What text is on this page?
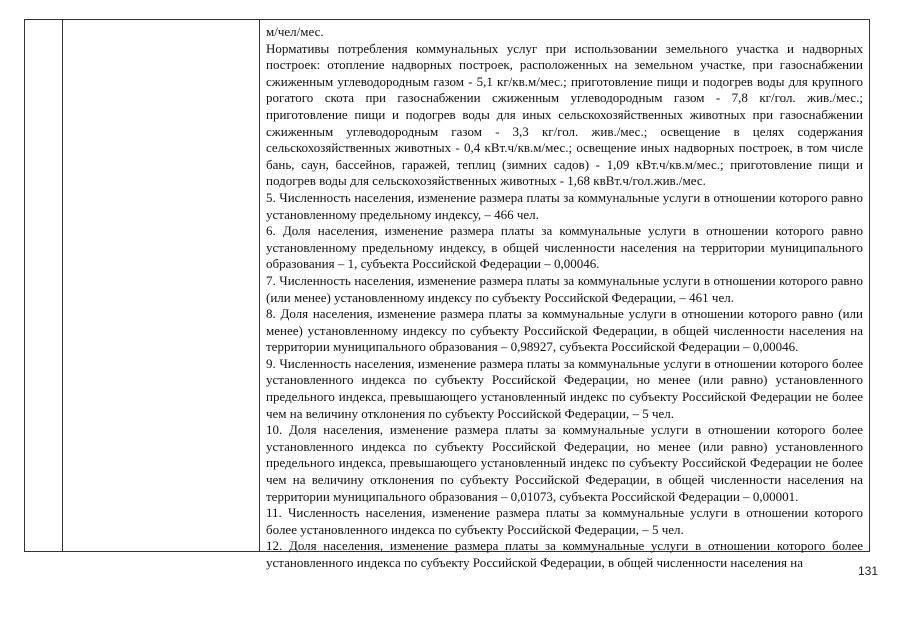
м/чел/мес.

Нормативы потребления коммунальных услуг при использовании земельного участка и надворных построек: отопление надворных построек, расположенных на земельном участке, при газоснабжении сжиженным углеводородным газом - 5,1 кг/кв.м/мес.; приготовление пищи и подогрев воды для крупного рогатого скота при газоснабжении сжиженным углеводородным газом - 7,8 кг/гол. жив./мес.; приготовление пищи и подогрев воды для иных сельскохозяйственных животных при газоснабжении сжиженным углеводородным газом - 3,3 кг/гол. жив./мес.; освещение в целях содержания сельскохозяйственных животных - 0,4 кВт.ч/кв.м/мес.; освещение иных надворных построек, в том числе бань, саун, бассейнов, гаражей, теплиц (зимних садов) - 1,09 кВт.ч/кв.м/мес.; приготовление пищи и подогрев воды для сельскохозяйственных животных - 1,68 квВт.ч/гол.жив./мес.

5. Численность населения, изменение размера платы за коммунальные услуги в отношении которого равно установленному предельному индексу, – 466 чел.

6. Доля населения, изменение размера платы за коммунальные услуги в отношении которого равно установленному предельному индексу, в общей численности населения на территории муниципального образования – 1, субъекта Российской Федерации – 0,00046.

7. Численность населения, изменение размера платы за коммунальные услуги в отношении которого равно (или менее) установленному индексу по субъекту Российской Федерации, – 461 чел.

8. Доля населения, изменение размера платы за коммунальные услуги в отношении которого равно (или менее) установленному индексу по субъекту Российской Федерации, в общей численности населения на территории муниципального образования – 0,98927, субъекта Российской Федерации – 0,00046.

9. Численность населения, изменение размера платы за коммунальные услуги в отношении которого более установленного индекса по субъекту Российской Федерации, но менее (или равно) установленного предельного индекса, превышающего установленный индекс по субъекту Российской Федерации не более чем на величину отклонения по субъекту Российской Федерации, – 5 чел.

10. Доля населения, изменение размера платы за коммунальные услуги в отношении которого более установленного индекса по субъекту Российской Федерации, но менее (или равно) установленного предельного индекса, превышающего установленный индекс по субъекту Российской Федерации не более чем на величину отклонения по субъекту Российской Федерации, в общей численности населения на территории муниципального образования – 0,01073, субъекта Российской Федерации – 0,00001.

11. Численность населения, изменение размера платы за коммунальные услуги в отношении которого более установленного индекса по субъекту Российской Федерации, – 5 чел.

12. Доля населения, изменение размера платы за коммунальные услуги в отношении которого более установленного индекса по субъекту Российской Федерации, в общей численности населения на

131
